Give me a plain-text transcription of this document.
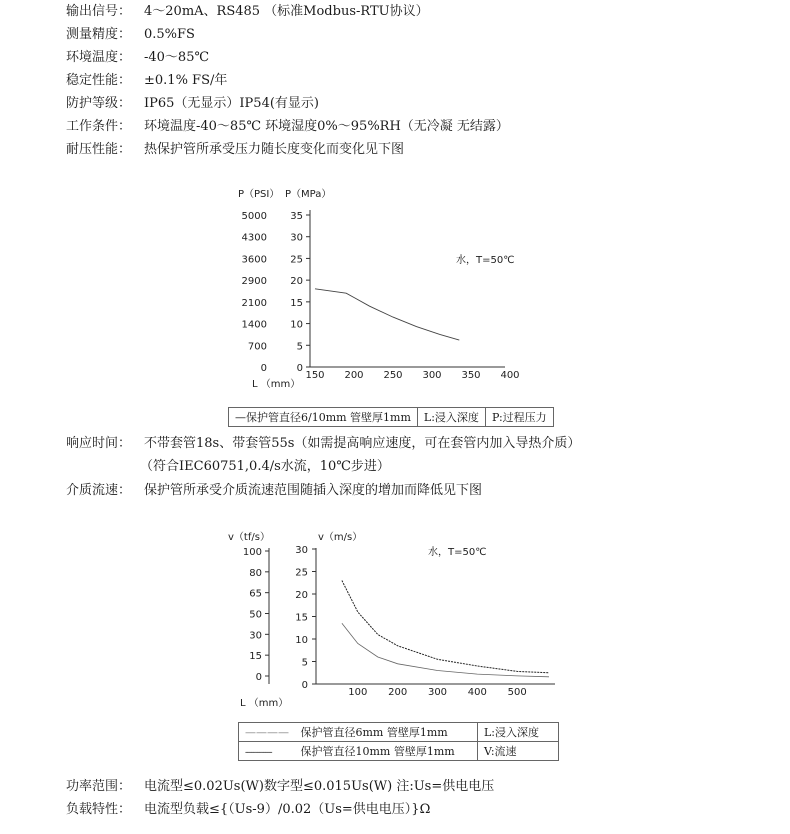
输出信号： 4～20mA、RS485 （标准Modbus-RTU协议）
测量精度： 0.5%FS
环境温度： -40～85℃
稳定性能： ±0.1% FS/年
防护等级： IP65（无显示）IP54(有显示)
工作条件： 环境温度-40～85℃ 环境湿度0%～95%RH（无冷凝 无结露）
耐压性能： 热保护管所承受压力随长度变化而变化见下图
P（PSI） P（MPa）
5000
4300
3600
2900
2100
1400
700
0
35
30
25
20
15
10
5
0
150 200 250 300 350 400
L （mm）
水，T=50℃
—保护管直径6/10mm 管壁厚1mm	L:浸入深度	P:过程压力
响应时间： 不带套管18s、带套管55s（如需提高响应速度，可在套管内加入导热介质）
（符合IEC60751,0.4/s水流，10℃步进）
介质流速： 保护管所承受介质流速范围随插入深度的增加而降低见下图
v（tf/s）	v（m/s）
100
80
65
50
30
15
0
30
25
20
15
10
5
0
100 200 300 400 500
L （mm）
水，T=50℃
———— 保护管直径6mm 管壁厚1mm	L:浸入深度
------------- 保护管直径10mm 管壁厚1mm	V:流速
功率范围： 电流型≤0.02Us(W)数字型≤0.015Us(W) 注:Us=供电电压
负载特性： 电流型负载≤{（Us-9）/0.02（Us=供电电压）}Ω
